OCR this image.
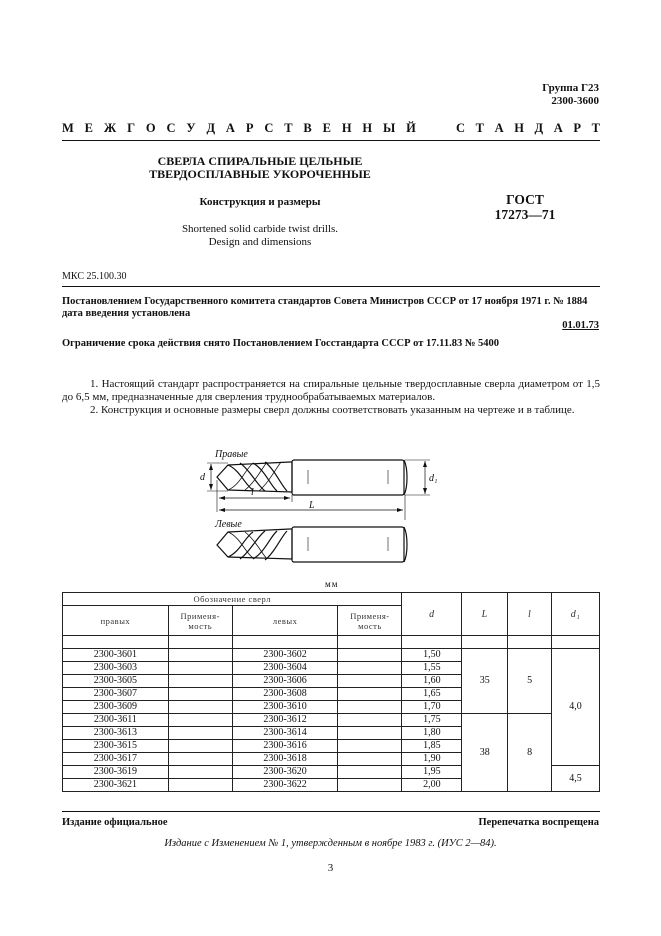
Группа Г23
2300-3600
М Е Ж Г О С У Д А Р С Т В Е Н Н Ы Й	С Т А Н Д А Р Т
СВЕРЛА СПИРАЛЬНЫЕ ЦЕЛЬНЫЕ
ТВЕРДОСПЛАВНЫЕ УКОРОЧЕННЫЕ
Конструкция и размеры
Shortened solid carbide twist drills.
Design and dimensions
ГОСТ
17273—71
МКС 25.100.30
Постановлением Государственного комитета стандартов Совета Министров СССР от 17 ноября 1971 г. № 1884 дата введения установлена
01.01.73
Ограничение срока действия снято Постановлением Госстандарта СССР от 17.11.83 № 5400
1. Настоящий стандарт распространяется на спиральные цельные твердосплавные сверла диаметром от 1,5 до 6,5 мм, предназначенные для сверления труднообрабатываемых материалов.
2. Конструкция и основные размеры сверл должны соответствовать указанным на чертеже и в таблице.
Правые
Левые
d	d₁
l
L
мм
Обозначение сверл				d	L	l	d₁
правых	Применя-мость	левых	Применя-мость				

2300-3601		2300-3602		1,50	35	5	4,0
2300-3603		2300-3604		1,55			
2300-3605		2300-3606		1,60			
2300-3607		2300-3608		1,65			
2300-3609		2300-3610		1,70			
2300-3611		2300-3612		1,75	38	8	
2300-3613		2300-3614		1,80			
2300-3615		2300-3616		1,85			
2300-3617		2300-3618		1,90			
2300-3619		2300-3620		1,95			4,5
2300-3621		2300-3622		2,00			
Издание официальное	Перепечатка воспрещена
Издание с Изменением № 1, утвержденным в ноябре 1983 г. (ИУС 2—84).
3
